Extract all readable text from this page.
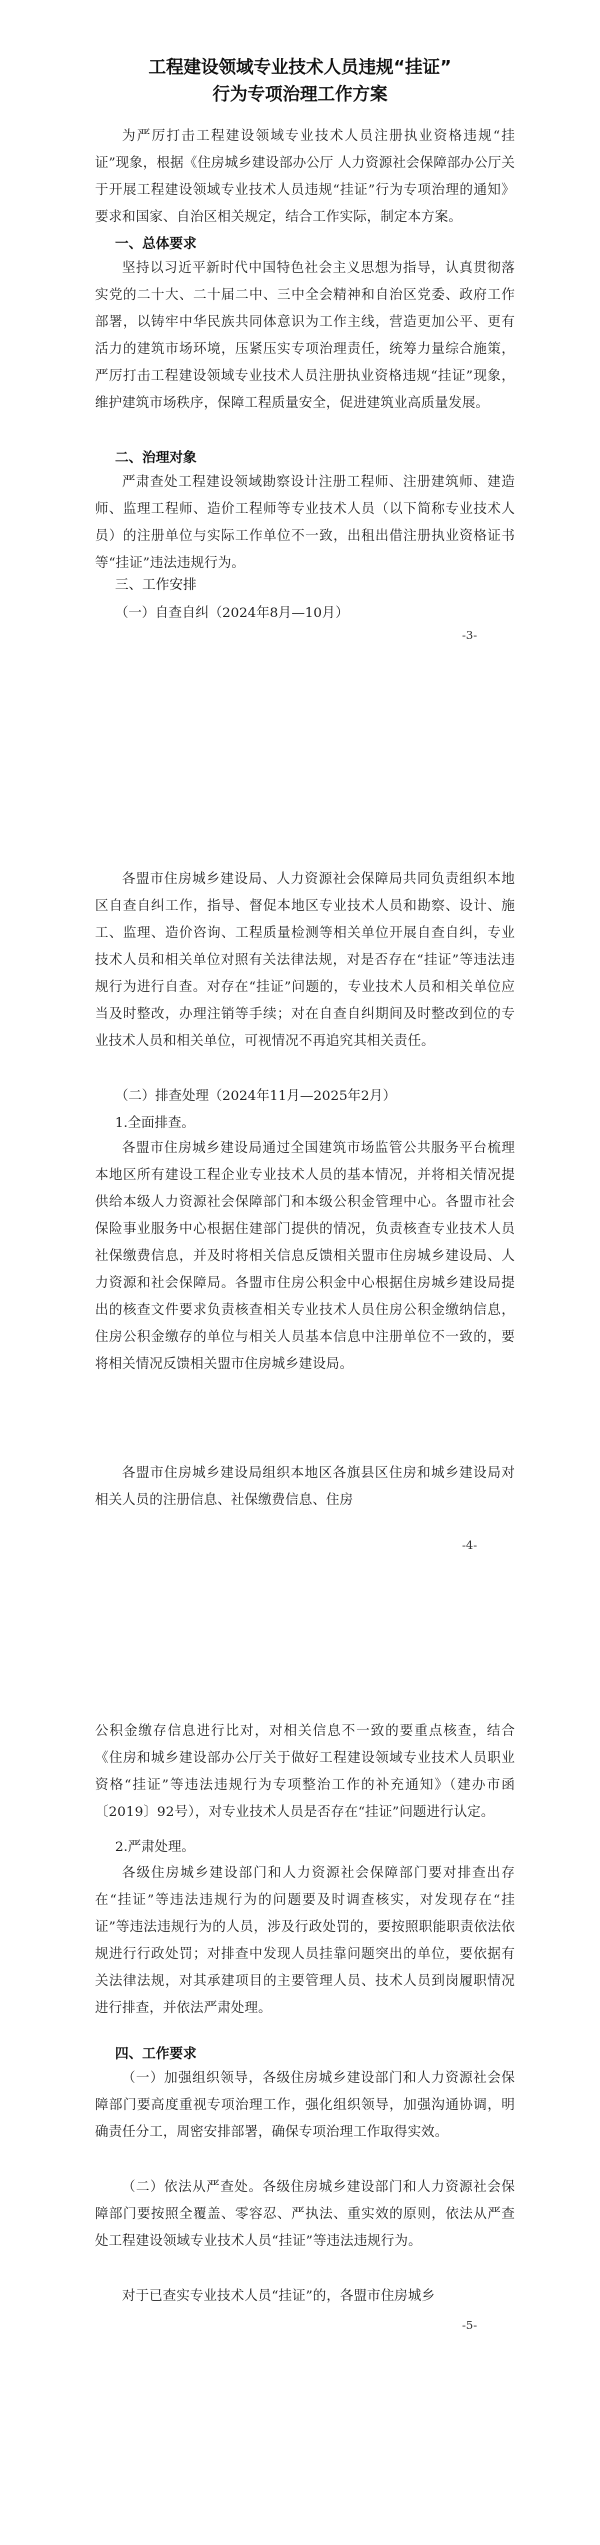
工程建设领域专业技术人员违规“挂证”

行为专项治理工作方案

为严厉打击工程建设领域专业技术人员注册执业资格违规“挂证”现象，根据《住房城乡建设部办公厅 人力资源社会保障部办公厅关于开展工程建设领域专业技术人员违规“挂证”行为专项治理的通知》要求和国家、自治区相关规定，结合工作实际，制定本方案。

一、总体要求

坚持以习近平新时代中国特色社会主义思想为指导，认真贯彻落实党的二十大、二十届二中、三中全会精神和自治区党委、政府工作部署，以铸牢中华民族共同体意识为工作主线，营造更加公平、更有活力的建筑市场环境，压紧压实专项治理责任，统筹力量综合施策，严厉打击工程建设领域专业技术人员注册执业资格违规“挂证”现象，维护建筑市场秩序，保障工程质量安全，促进建筑业高质量发展。

二、治理对象

严肃查处工程建设领域勘察设计注册工程师、注册建筑师、建造师、监理工程师、造价工程师等专业技术人员（以下简称专业技术人员）的注册单位与实际工作单位不一致，出租出借注册执业资格证书等“挂证”违法违规行为。

三、工作安排

（一）自查自纠（2024年8月—10月）

-3-

各盟市住房城乡建设局、人力资源社会保障局共同负责组织本地区自查自纠工作，指导、督促本地区专业技术人员和勘察、设计、施工、监理、造价咨询、工程质量检测等相关单位开展自查自纠，专业技术人员和相关单位对照有关法律法规，对是否存在“挂证”等违法违规行为进行自查。对存在“挂证”问题的，专业技术人员和相关单位应当及时整改，办理注销等手续；对在自查自纠期间及时整改到位的专业技术人员和相关单位，可视情况不再追究其相关责任。

（二）排查处理（2024年11月—2025年2月）

1.全面排查。

各盟市住房城乡建设局通过全国建筑市场监管公共服务平台梳理本地区所有建设工程企业专业技术人员的基本情况，并将相关情况提供给本级人力资源社会保障部门和本级公积金管理中心。各盟市社会保险事业服务中心根据住建部门提供的情况，负责核查专业技术人员社保缴费信息，并及时将相关信息反馈相关盟市住房城乡建设局、人力资源和社会保障局。各盟市住房公积金中心根据住房城乡建设局提出的核查文件要求负责核查相关专业技术人员住房公积金缴纳信息，住房公积金缴存的单位与相关人员基本信息中注册单位不一致的，要将相关情况反馈相关盟市住房城乡建设局。

各盟市住房城乡建设局组织本地区各旗县区住房和城乡建设局对相关人员的注册信息、社保缴费信息、住房

-4-

公积金缴存信息进行比对，对相关信息不一致的要重点核查，结合《住房和城乡建设部办公厅关于做好工程建设领域专业技术人员职业资格“挂证”等违法违规行为专项整治工作的补充通知》（建办市函〔2019〕92号），对专业技术人员是否存在“挂证”问题进行认定。

2.严肃处理。

各级住房城乡建设部门和人力资源社会保障部门要对排查出存在“挂证”等违法违规行为的问题要及时调查核实，对发现存在“挂证”等违法违规行为的人员，涉及行政处罚的，要按照职能职责依法依规进行行政处罚；对排查中发现人员挂靠问题突出的单位，要依据有关法律法规，对其承建项目的主要管理人员、技术人员到岗履职情况进行排查，并依法严肃处理。

四、工作要求

（一）加强组织领导，各级住房城乡建设部门和人力资源社会保障部门要高度重视专项治理工作，强化组织领导，加强沟通协调，明确责任分工，周密安排部署，确保专项治理工作取得实效。

（二）依法从严查处。各级住房城乡建设部门和人力资源社会保障部门要按照全覆盖、零容忍、严执法、重实效的原则，依法从严查处工程建设领域专业技术人员“挂证”等违法违规行为。

对于已查实专业技术人员“挂证”的，各盟市住房城乡

-5-
